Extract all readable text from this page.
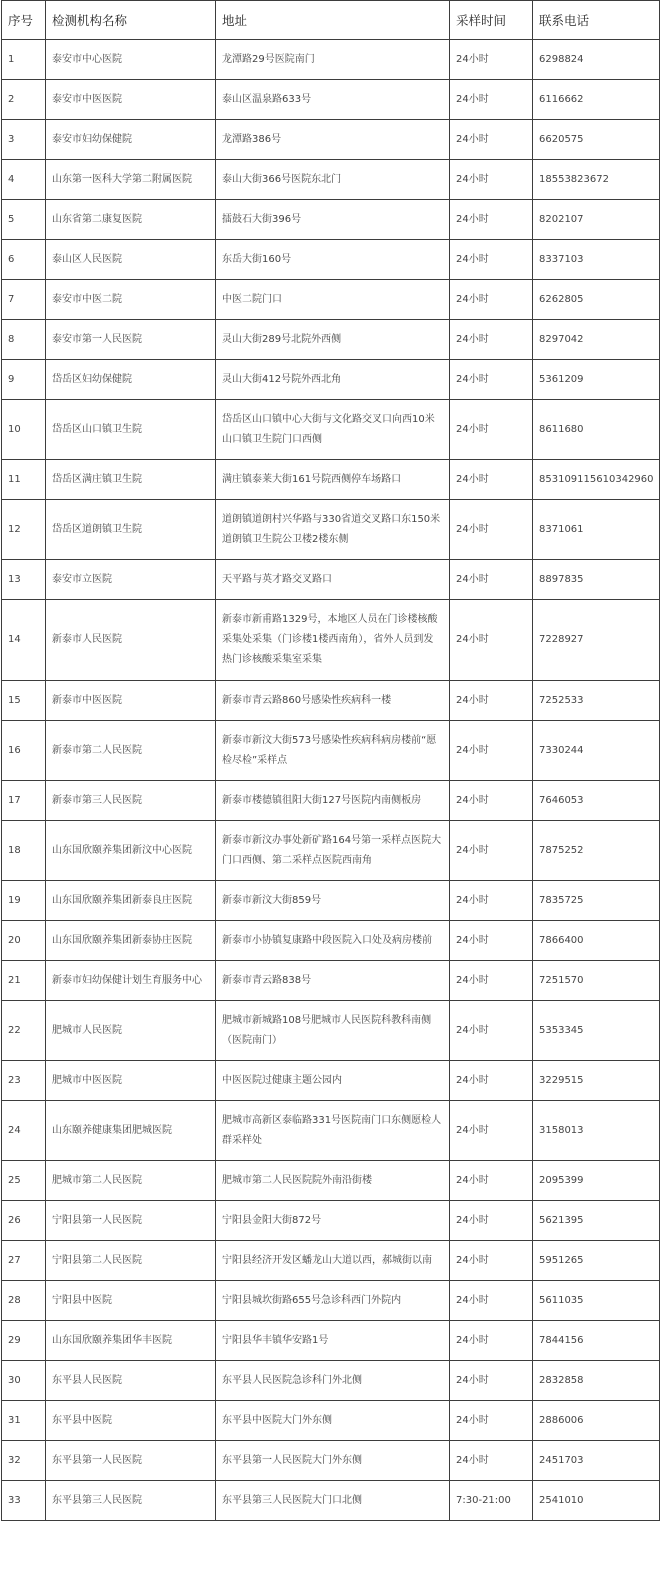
序号	检测机构名称	地址	采样时间	联系电话
1	泰安市中心医院	龙潭路29号医院南门	24小时	6298824
2	泰安市中医医院	泰山区温泉路633号	24小时	6116662
3	泰安市妇幼保健院	龙潭路386号	24小时	6620575
4	山东第一医科大学第二附属医院	泰山大街366号医院东北门	24小时	18553823672
5	山东省第二康复医院	擂鼓石大街396号	24小时	8202107
6	泰山区人民医院	东岳大街160号	24小时	8337103
7	泰安市中医二院	中医二院门口	24小时	6262805
8	泰安市第一人民医院	灵山大街289号北院外西侧	24小时	8297042
9	岱岳区妇幼保健院	灵山大街412号院外西北角	24小时	5361209
10	岱岳区山口镇卫生院	岱岳区山口镇中心大街与文化路交叉口向西10米山口镇卫生院门口西侧	24小时	8611680
11	岱岳区满庄镇卫生院	满庄镇泰莱大街161号院西侧停车场路口	24小时	853109115610342960
12	岱岳区道朗镇卫生院	道朗镇道朗村兴华路与330省道交叉路口东150米道朗镇卫生院公卫楼2楼东侧	24小时	8371061
13	泰安市立医院	天平路与英才路交叉路口	24小时	8897835
14	新泰市人民医院	新泰市新甫路1329号，本地区人员在门诊楼核酸采集处采集（门诊楼1楼西南角），省外人员到发热门诊核酸采集室采集	24小时	7228927
15	新泰市中医医院	新泰市青云路860号感染性疾病科一楼	24小时	7252533
16	新泰市第二人民医院	新泰市新汶大街573号感染性疾病科病房楼前“愿检尽检”采样点	24小时	7330244
17	新泰市第三人民医院	新泰市楼德镇徂阳大街127号医院内南侧板房	24小时	7646053
18	山东国欣颐养集团新汶中心医院	新泰市新汶办事处新矿路164号第一采样点医院大门口西侧、第二采样点医院西南角	24小时	7875252
19	山东国欣颐养集团新泰良庄医院	新泰市新汶大街859号	24小时	7835725
20	山东国欣颐养集团新泰协庄医院	新泰市小协镇复康路中段医院入口处及病房楼前	24小时	7866400
21	新泰市妇幼保健计划生育服务中心	新泰市青云路838号	24小时	7251570
22	肥城市人民医院	肥城市新城路108号肥城市人民医院科教科南侧（医院南门）	24小时	5353345
23	肥城市中医医院	中医医院过健康主题公园内	24小时	3229515
24	山东颐养健康集团肥城医院	肥城市高新区泰临路331号医院南门口东侧愿检人群采样处	24小时	3158013
25	肥城市第二人民医院	肥城市第二人民医院院外南沿街楼	24小时	2095399
26	宁阳县第一人民医院	宁阳县金阳大街872号	24小时	5621395
27	宁阳县第二人民医院	宁阳县经济开发区蟠龙山大道以西，郝城街以南	24小时	5951265
28	宁阳县中医院	宁阳县城坎街路655号急诊科西门外院内	24小时	5611035
29	山东国欣颐养集团华丰医院	宁阳县华丰镇华安路1号	24小时	7844156
30	东平县人民医院	东平县人民医院急诊科门外北侧	24小时	2832858
31	东平县中医院	东平县中医院大门外东侧	24小时	2886006
32	东平县第一人民医院	东平县第一人民医院大门外东侧	24小时	2451703
33	东平县第三人民医院	东平县第三人民医院大门口北侧	7:30-21:00	2541010
